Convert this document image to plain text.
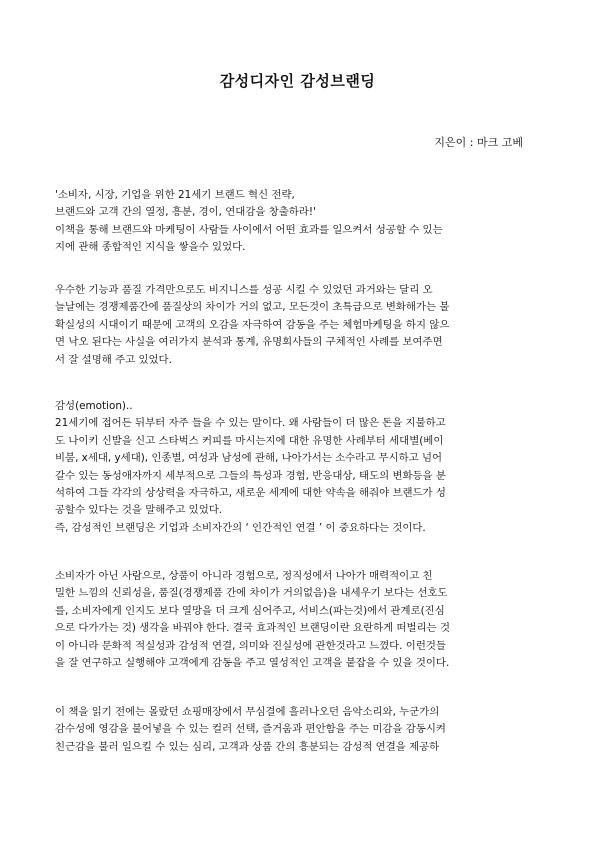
감성디자인 감성브랜딩
지은이 : 마크 고베

'소비자, 시장, 기업을 위한 21세기 브랜드 혁신 전략,
브랜드와 고객 간의 열정, 흥분, 경이, 연대감을 창출하라!'
이책을 통해 브랜드와 마케팅이 사람들 사이에서 어떤 효과를 일으켜서 성공할 수 있는
지에 관해 종합적인 지식을 쌓을수 있었다.

우수한 기능과 품질 가격만으로도 비지니스를 성공 시킬 수 있었던 과거와는 달리 오
늘날에는 경쟁제품간에 품질상의 차이가 거의 없고, 모든것이 초특급으로 변화해가는 불
확실성의 시대이기 때문에 고객의 오감을 자극하여 감동을 주는 체험마케팅을 하지 않으
면 낙오 된다는 사실을 여러가지 분석과 통계, 유명회사들의 구체적인 사례를 보여주면
서 잘 설명해 주고 있었다.

감성(emotion)..
21세기에 접어든 뒤부터 자주 들을 수 있는 말이다. 왜 사람들이 더 많은 돈을 지불하고
도 나이키 신발을 신고 스타벅스 커피를 마시는지에 대한 유명한 사례부터 세대별(베이
비붐, x세대, y세대), 인종별, 여성과 남성에 관해, 나아가서는 소수라고 무시하고 넘어
갈수 있는 동성애자까지 세부적으로 그들의 특성과 경험, 반응대상, 태도의 변화등을 분
석하여 그들 각각의 상상력을 자극하고, 새로운 세계에 대한 약속을 해줘야 브랜드가 성
공할수 있다는 것을 말해주고 있었다.
즉, 감성적인 브랜딩은 기업과 소비자간의 ‘ 인간적인 연결 ’ 이 중요하다는 것이다.

소비자가 아닌 사람으로, 상품이 아니라 경험으로, 정직성에서 나아가 매력적이고 친
밀한 느낌의 신뢰성을, 품질(경쟁제품 간에 차이가 거의없음)을 내세우기 보다는 선호도
를, 소비자에게 인지도 보다 열망을 더 크게 심어주고, 서비스(파는것)에서 관계로(진심
으로 다가가는 것) 생각을 바꿔야 한다. 결국 효과적인 브랜딩이란 요란하게 떠벌리는 것
이 아니라 문화적 적실성과 감성적 연결, 의미와 진실성에 관한것라고 느꼈다. 이런것들
을 잘 연구하고 실행해야 고객에게 감동을 주고 열성적인 고객을 붙잡을 수 있을 것이다.

이 책을 읽기 전에는 몰랐던 쇼핑매장에서 무심결에 흘러나오던 음악소리와, 누군가의
감수성에 영감을 불어넣을 수 있는 컬러 선택, 즐거움과 편안함을 주는 미감을 감동시켜
친근감을 불러 일으킬 수 있는 심리, 고객과 상품 간의 흥분되는 감성적 연결을 제공하
